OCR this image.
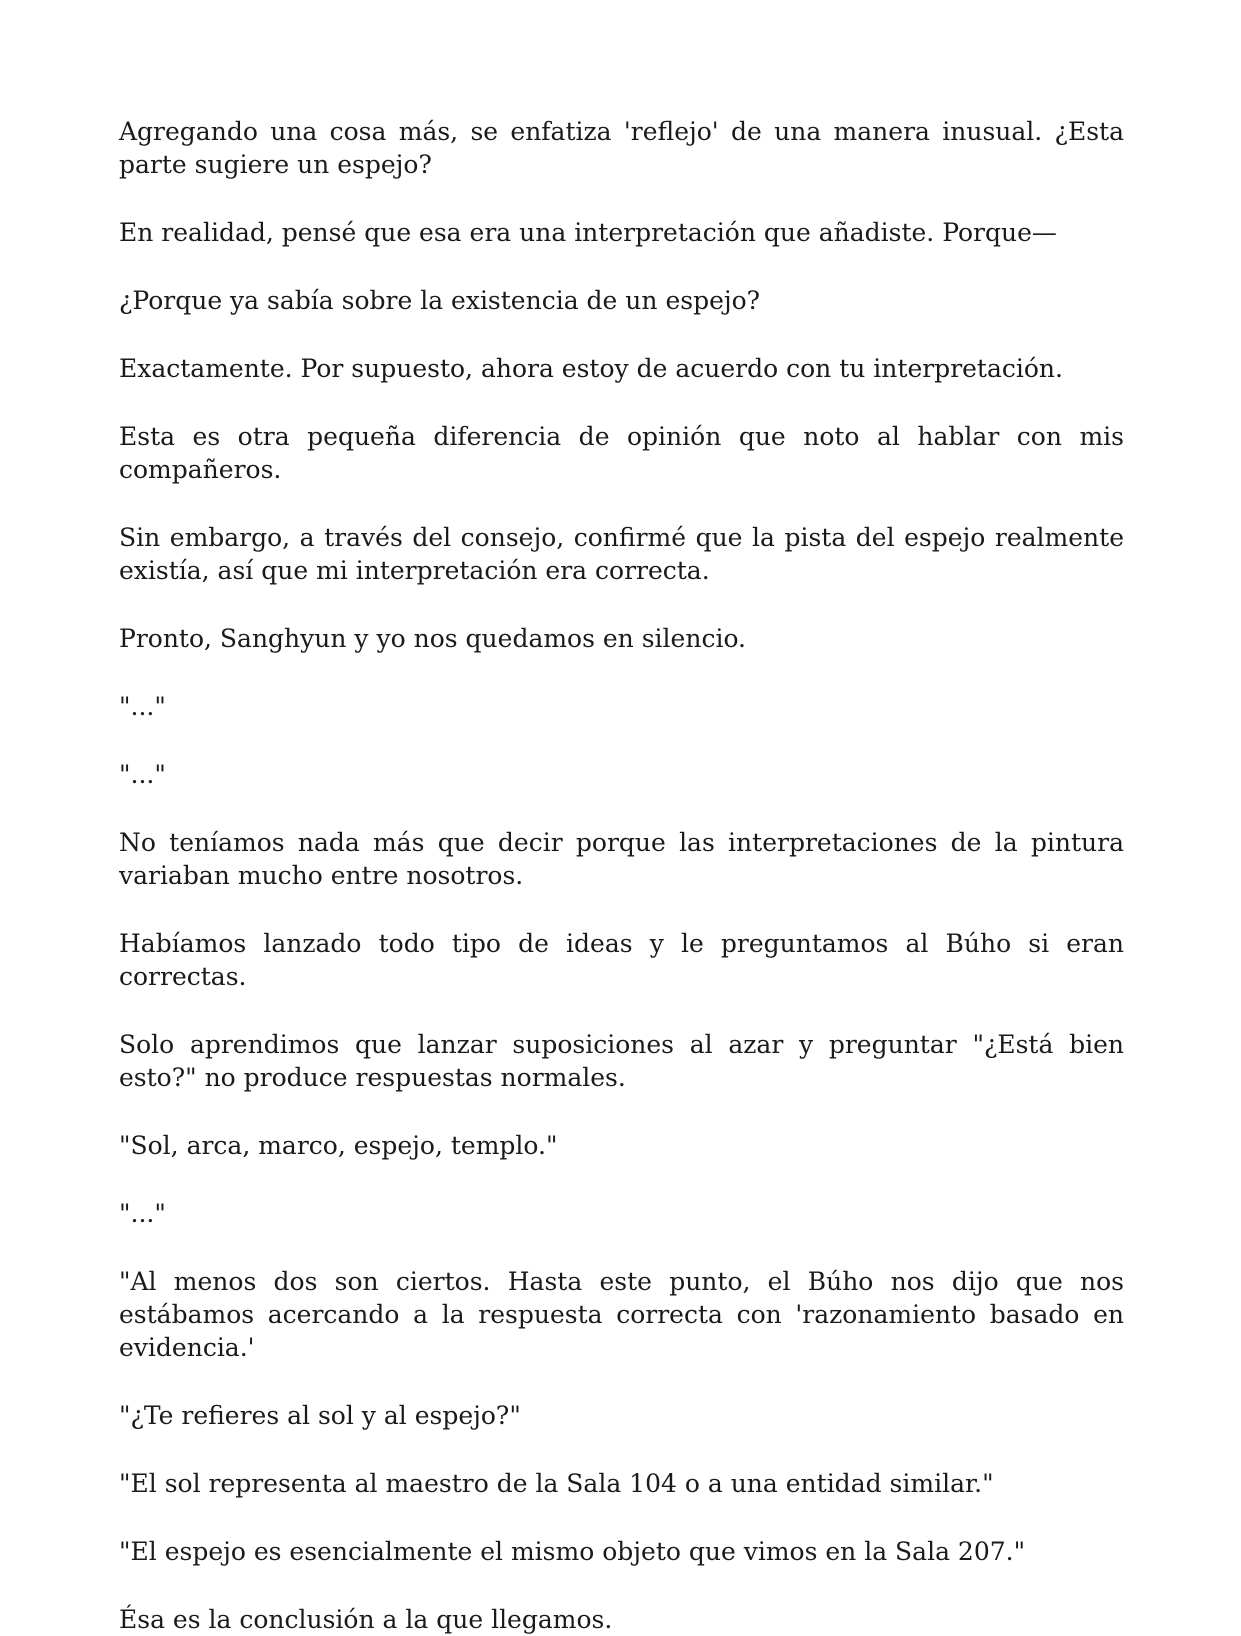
Agregando una cosa más, se enfatiza 'reflejo' de una manera inusual. ¿Esta parte sugiere un espejo?

En realidad, pensé que esa era una interpretación que añadiste. Porque—

¿Porque ya sabía sobre la existencia de un espejo?

Exactamente. Por supuesto, ahora estoy de acuerdo con tu interpretación.

Esta es otra pequeña diferencia de opinión que noto al hablar con mis compañeros.

Sin embargo, a través del consejo, confirmé que la pista del espejo realmente existía, así que mi interpretación era correcta.

Pronto, Sanghyun y yo nos quedamos en silencio.

"..."

"..."

No teníamos nada más que decir porque las interpretaciones de la pintura variaban mucho entre nosotros.

Habíamos lanzado todo tipo de ideas y le preguntamos al Búho si eran correctas.

Solo aprendimos que lanzar suposiciones al azar y preguntar "¿Está bien esto?" no produce respuestas normales.

"Sol, arca, marco, espejo, templo."

"..."

"Al menos dos son ciertos. Hasta este punto, el Búho nos dijo que nos estábamos acercando a la respuesta correcta con 'razonamiento basado en evidencia.'

"¿Te refieres al sol y al espejo?"

"El sol representa al maestro de la Sala 104 o a una entidad similar."

"El espejo es esencialmente el mismo objeto que vimos en la Sala 207."

Ésa es la conclusión a la que llegamos.
